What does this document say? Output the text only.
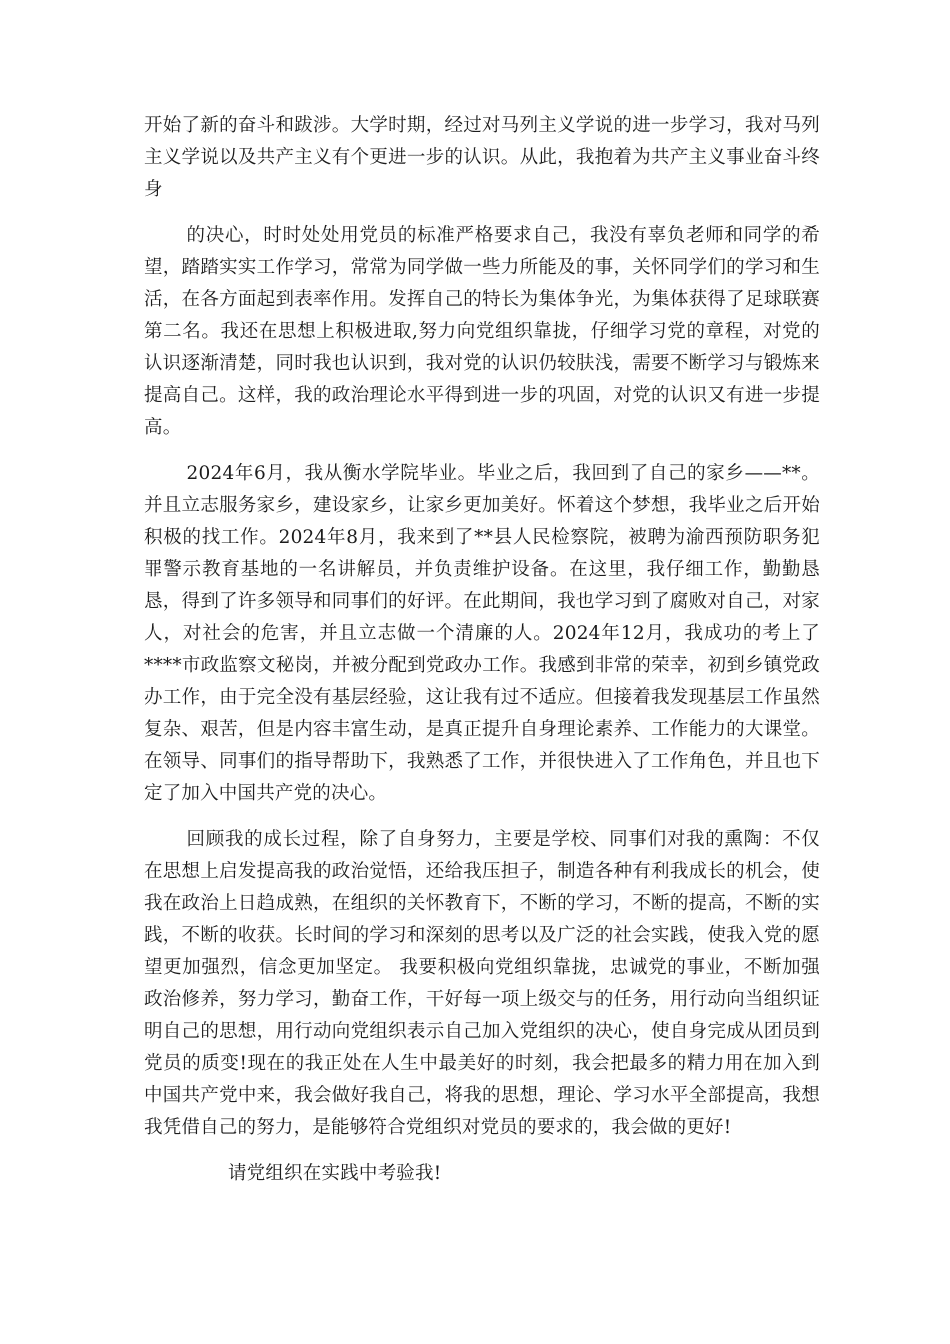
开始了新的奋斗和跋涉。大学时期，经过对马列主义学说的进一步学习，我对马列主义学说以及共产主义有个更进一步的认识。从此，我抱着为共产主义事业奋斗终身

的决心，时时处处用党员的标准严格要求自己，我没有辜负老师和同学的希望，踏踏实实工作学习，常常为同学做一些力所能及的事，关怀同学们的学习和生活，在各方面起到表率作用。发挥自己的特长为集体争光，为集体获得了足球联赛第二名。我还在思想上积极进取,努力向党组织靠拢，仔细学习党的章程，对党的认识逐渐清楚，同时我也认识到，我对党的认识仍较肤浅，需要不断学习与锻炼来提高自己。这样，我的政治理论水平得到进一步的巩固，对党的认识又有进一步提高。

2024年6月，我从衡水学院毕业。毕业之后，我回到了自己的家乡——**。并且立志服务家乡，建设家乡，让家乡更加美好。怀着这个梦想，我毕业之后开始积极的找工作。2024年8月，我来到了**县人民检察院，被聘为渝西预防职务犯罪警示教育基地的一名讲解员，并负责维护设备。在这里，我仔细工作，勤勤恳恳，得到了许多领导和同事们的好评。在此期间，我也学习到了腐败对自己，对家人，对社会的危害，并且立志做一个清廉的人。2024年12月，我成功的考上了****市政监察文秘岗，并被分配到党政办工作。我感到非常的荣幸，初到乡镇党政办工作，由于完全没有基层经验，这让我有过不适应。但接着我发现基层工作虽然复杂、艰苦，但是内容丰富生动，是真正提升自身理论素养、工作能力的大课堂。在领导、同事们的指导帮助下，我熟悉了工作，并很快进入了工作角色，并且也下定了加入中国共产党的决心。

回顾我的成长过程，除了自身努力，主要是学校、同事们对我的熏陶：不仅在思想上启发提高我的政治觉悟，还给我压担子，制造各种有利我成长的机会，使我在政治上日趋成熟，在组织的关怀教育下，不断的学习，不断的提高，不断的实践，不断的收获。长时间的学习和深刻的思考以及广泛的社会实践，使我入党的愿望更加强烈，信念更加坚定。 我要积极向党组织靠拢，忠诚党的事业，不断加强政治修养，努力学习，勤奋工作，干好每一项上级交与的任务，用行动向当组织证明自己的思想，用行动向党组织表示自己加入党组织的决心，使自身完成从团员到党员的质变!现在的我正处在人生中最美好的时刻，我会把最多的精力用在加入到中国共产党中来，我会做好我自己，将我的思想，理论、学习水平全部提高，我想我凭借自己的努力，是能够符合党组织对党员的要求的，我会做的更好!

请党组织在实践中考验我!
